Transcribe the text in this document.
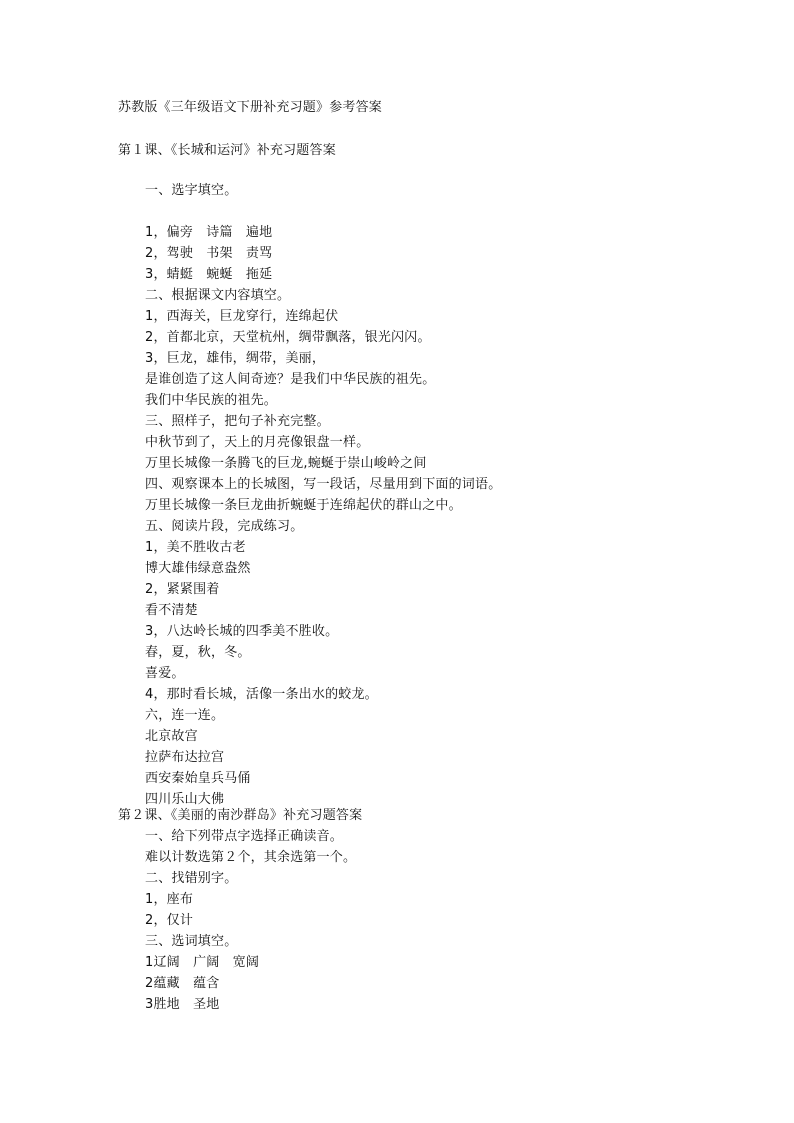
苏教版《三年级语文下册补充习题》参考答案
第１课、《长城和运河》补充习题答案
一、选字填空。
1，偏旁　诗篇　遍地
2，驾驶　书架　责骂
3，蜻蜓　蜿蜒　拖延
二、根据课文内容填空。
1，西海关，巨龙穿行，连绵起伏
2，首都北京，天堂杭州，绸带飘落，银光闪闪。
3，巨龙，雄伟，绸带，美丽，
是谁创造了这人间奇迹？是我们中华民族的祖先。
我们中华民族的祖先。
三、照样子，把句子补充完整。
中秋节到了，天上的月亮像银盘一样。
万里长城像一条腾飞的巨龙,蜿蜒于崇山峻岭之间
四、观察课本上的长城图，写一段话，尽量用到下面的词语。
万里长城像一条巨龙曲折蜿蜒于连绵起伏的群山之中。
五、阅读片段，完成练习。
1，美不胜收古老
博大雄伟绿意盎然
2，紧紧围着
看不清楚
3，八达岭长城的四季美不胜收。
春，夏，秋，冬。
喜爱。
4，那时看长城，活像一条出水的蛟龙。
六，连一连。
北京故宫
拉萨布达拉宫
西安秦始皇兵马俑
四川乐山大佛
第２课、《美丽的南沙群岛》补充习题答案
一、给下列带点字选择正确读音。
难以计数选第２个，其余选第一个。
二、找错别字。
1，座布
2，仅计
三、选词填空。
1辽阔　广阔　宽阔
2蕴藏　蕴含
3胜地　圣地
